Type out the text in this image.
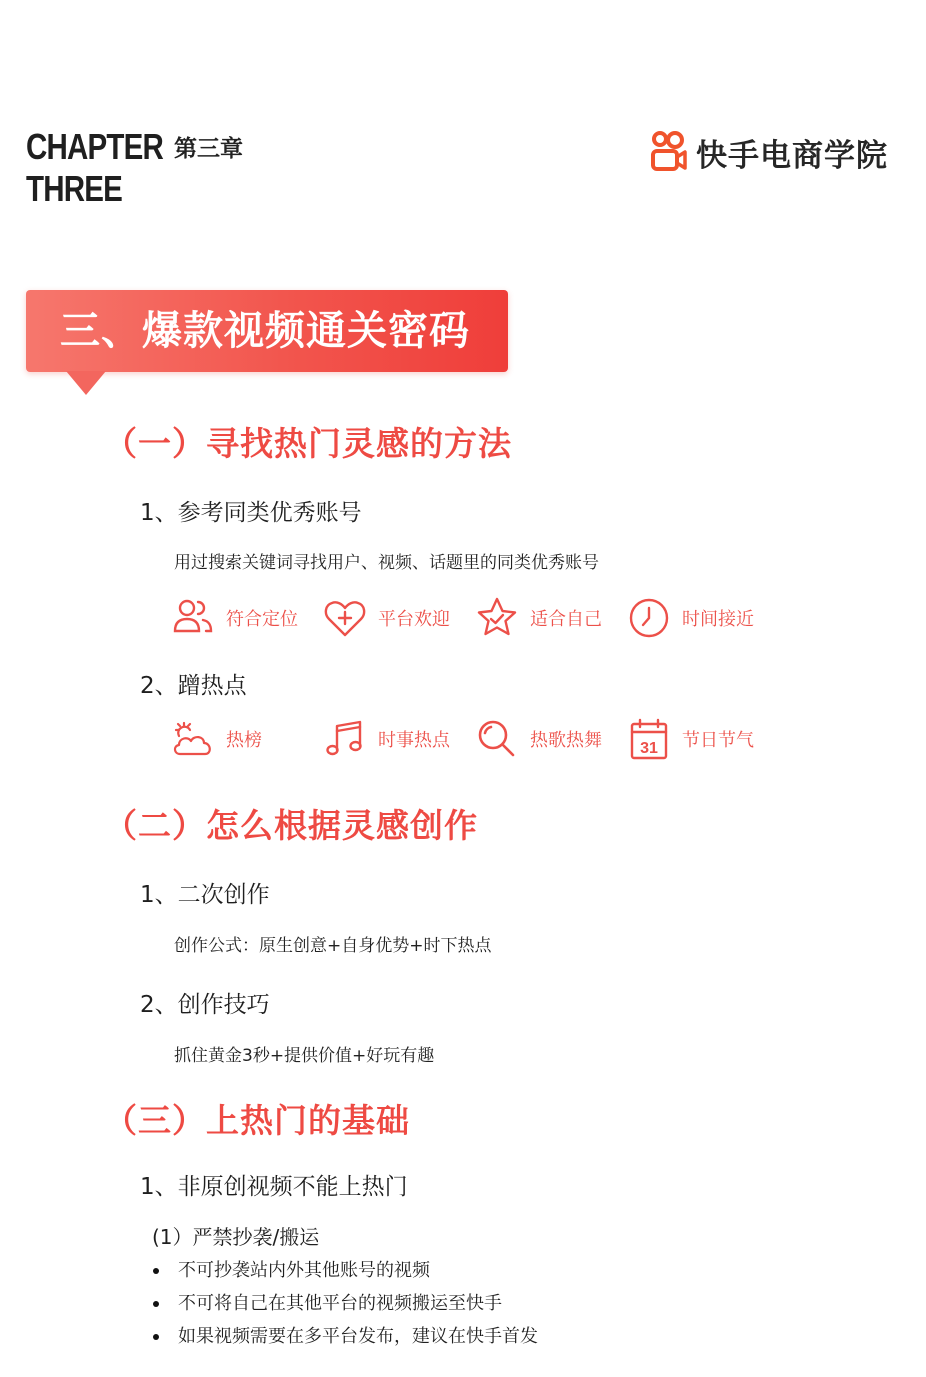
CHAPTER
THREE
第三章	快手电商学院
三、爆款视频通关密码
（一）寻找热门灵感的方法
1、参考同类优秀账号
用过搜索关键词寻找用户、视频、话题里的同类优秀账号
符合定位	平台欢迎	适合自己	时间接近
2、蹭热点
热榜	时事热点	热歌热舞 31 节日节气
（二）怎么根据灵感创作
1、二次创作
创作公式：原生创意+自身优势+时下热点
2、创作技巧
抓住黄金3秒+提供价值+好玩有趣
（三）上热门的基础
1、非原创视频不能上热门
(1）严禁抄袭/搬运
不可抄袭站内外其他账号的视频
不可将自己在其他平台的视频搬运至快手
如果视频需要在多平台发布，建议在快手首发
